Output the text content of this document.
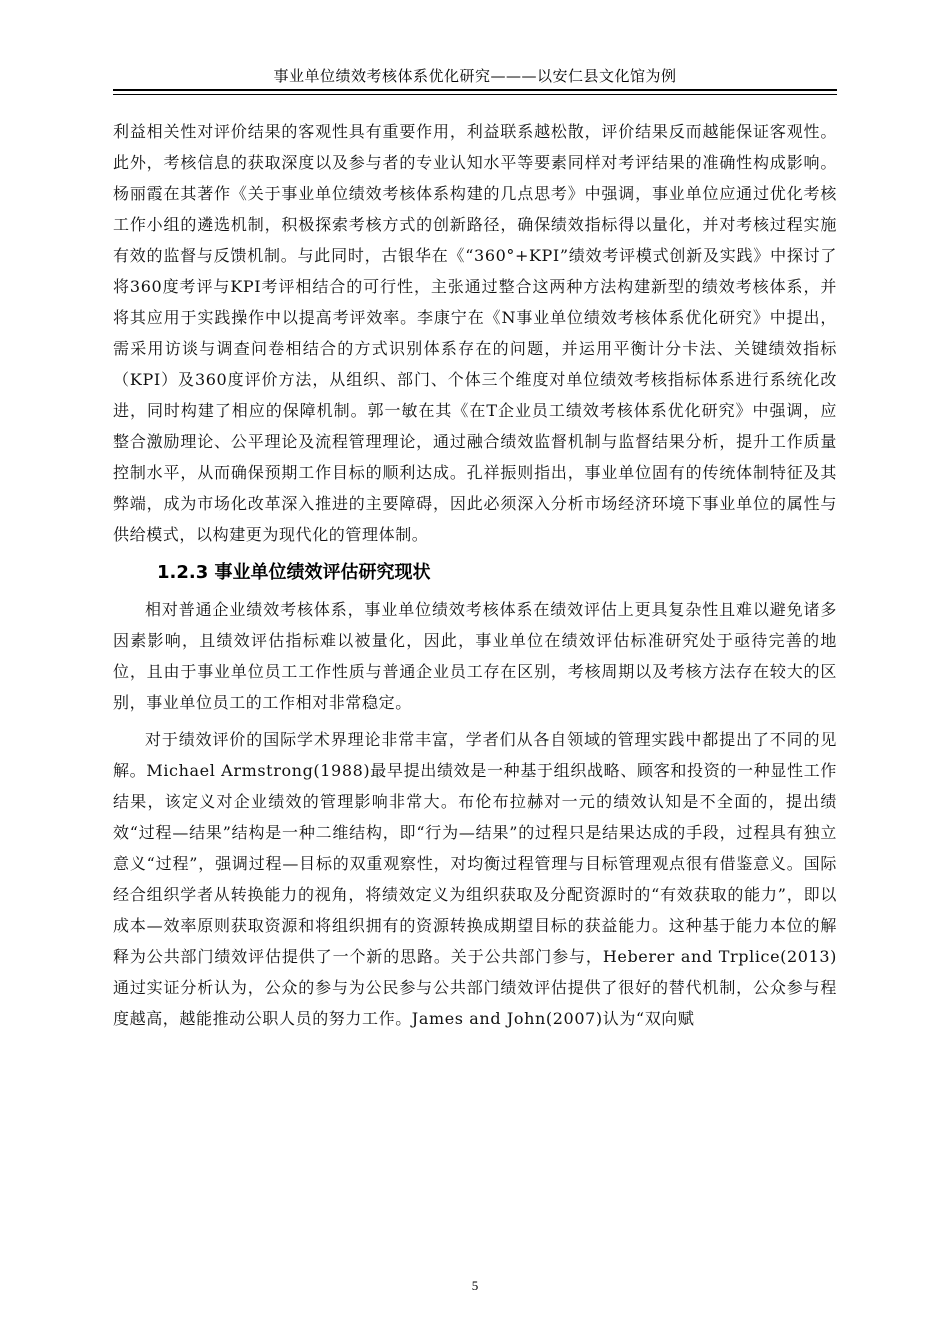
事业单位绩效考核体系优化研究———以安仁县文化馆为例

利益相关性对评价结果的客观性具有重要作用，利益联系越松散，评价结果反而越能保证客观性。此外，考核信息的获取深度以及参与者的专业认知水平等要素同样对考评结果的准确性构成影响。杨丽霞在其著作《关于事业单位绩效考核体系构建的几点思考》中强调，事业单位应通过优化考核工作小组的遴选机制，积极探索考核方式的创新路径，确保绩效指标得以量化，并对考核过程实施有效的监督与反馈机制。与此同时，古银华在《“360°+KPI”绩效考评模式创新及实践》中探讨了将360度考评与KPI考评相结合的可行性，主张通过整合这两种方法构建新型的绩效考核体系，并将其应用于实践操作中以提高考评效率。李康宁在《N事业单位绩效考核体系优化研究》中提出，需采用访谈与调查问卷相结合的方式识别体系存在的问题，并运用平衡计分卡法、关键绩效指标（KPI）及360度评价方法，从组织、部门、个体三个维度对单位绩效考核指标体系进行系统化改进，同时构建了相应的保障机制。郭一敏在其《在T企业员工绩效考核体系优化研究》中强调，应整合激励理论、公平理论及流程管理理论，通过融合绩效监督机制与监督结果分析，提升工作质量控制水平，从而确保预期工作目标的顺利达成。孔祥振则指出，事业单位固有的传统体制特征及其弊端，成为市场化改革深入推进的主要障碍，因此必须深入分析市场经济环境下事业单位的属性与供给模式，以构建更为现代化的管理体制。

1.2.3 事业单位绩效评估研究现状

相对普通企业绩效考核体系，事业单位绩效考核体系在绩效评估上更具复杂性且难以避免诸多因素影响，且绩效评估指标难以被量化，因此，事业单位在绩效评估标准研究处于亟待完善的地位，且由于事业单位员工工作性质与普通企业员工存在区别，考核周期以及考核方法存在较大的区别，事业单位员工的工作相对非常稳定。

对于绩效评价的国际学术界理论非常丰富，学者们从各自领域的管理实践中都提出了不同的见解。Michael Armstrong(1988)最早提出绩效是一种基于组织战略、顾客和投资的一种显性工作结果，该定义对企业绩效的管理影响非常大。布伦布拉赫对一元的绩效认知是不全面的，提出绩效“过程—结果”结构是一种二维结构，即“行为—结果”的过程只是结果达成的手段，过程具有独立意义“过程”，强调过程—目标的双重观察性，对均衡过程管理与目标管理观点很有借鉴意义。国际经合组织学者从转换能力的视角，将绩效定义为组织获取及分配资源时的“有效获取的能力”，即以成本—效率原则获取资源和将组织拥有的资源转换成期望目标的获益能力。这种基于能力本位的解释为公共部门绩效评估提供了一个新的思路。关于公共部门参与，Heberer and Trplice(2013)通过实证分析认为，公众的参与为公民参与公共部门绩效评估提供了很好的替代机制，公众参与程度越高，越能推动公职人员的努力工作。James and John(2007)认为“双向赋

5
